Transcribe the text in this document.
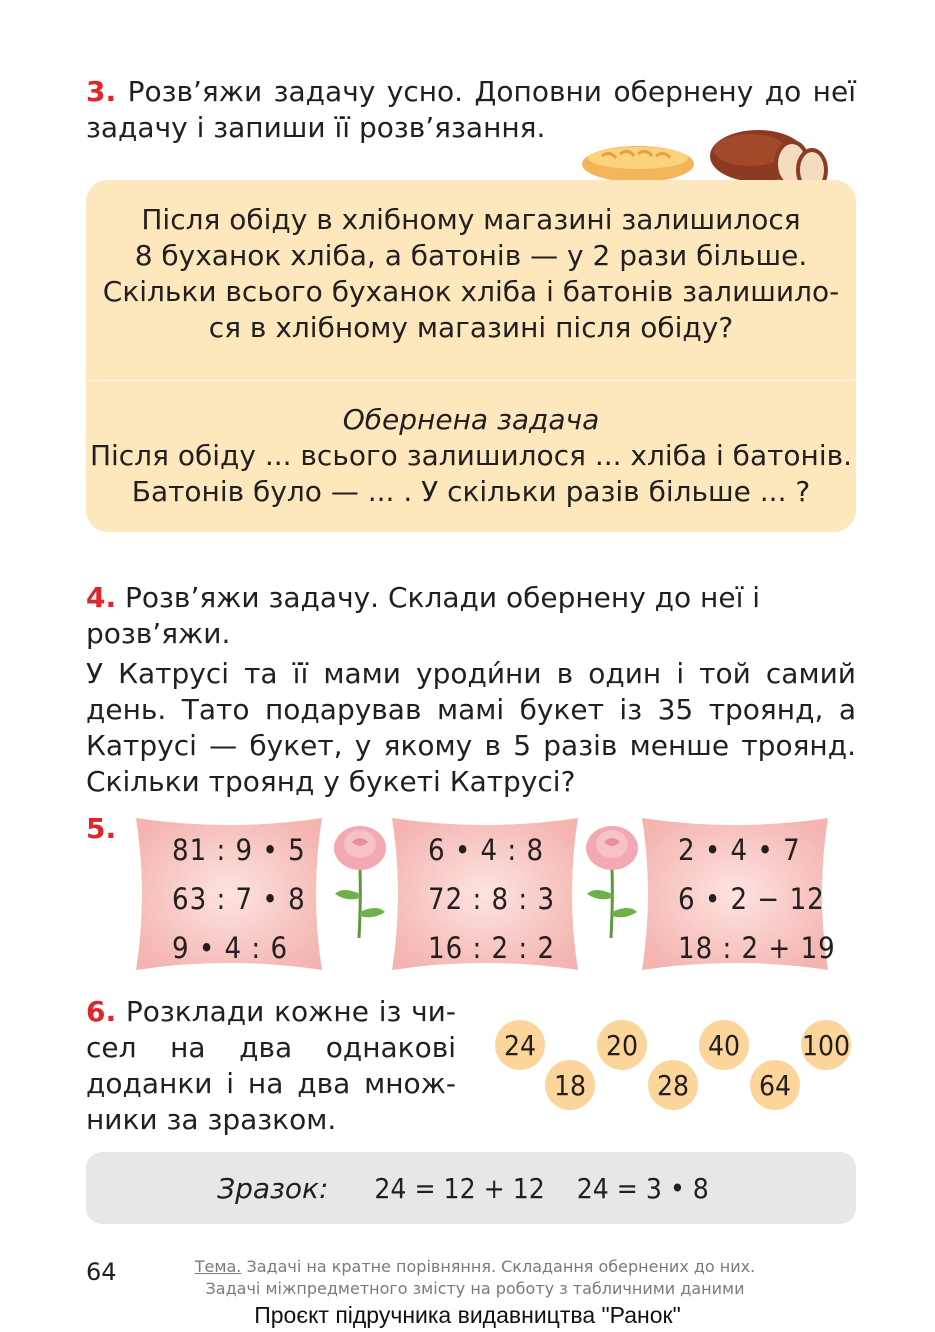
3. Розв’яжи задачу усно. Доповни обернену до неї
задачу і запиши її розв’язання.
Після обіду в хлібному магазині залишилося
8 буханок хліба, а батонів — у 2 рази більше.
Скільки всього буханок хліба і батонів залишило-
ся в хлібному магазині після обіду?
Обернена задача
Після обіду ... всього залишилося ... хліба і батонів.
Батонів було — ... . У скільки разів більше ... ?
4. Розв’яжи задачу. Склади обернену до неї і розв’яжи.

У Катрусі та її мами уроди́ни в один і той самий день. Тато подарував мамі букет із 35 троянд, а Катрусі — букет, у якому в 5 разів менше троянд. Скільки троянд у букеті Катрусі?

5.
81 : 9 • 5
63 : 7 • 8
9 • 4 : 6
6 • 4 : 8
72 : 8 : 3
16 : 2 : 2
2 • 4 • 7
6 • 2 − 12
18 : 2 + 19
6. Розклади кожне із чи-
сел на два однакові
доданки і на два множ-
ники за зразком.
24
18
20
28
40
64
100
Зразок: 24 = 12 + 12 24 = 3 • 8
64	Тема. Задачі на кратне порівняння. Складання обернених до них.
Задачі міжпредметного змісту на роботу з табличними даними
Проєкт підручника видавництва "Ранок"
